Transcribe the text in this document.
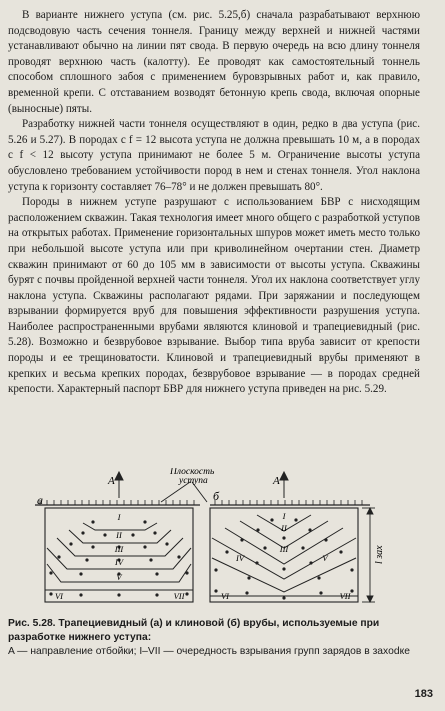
В варианте нижнего уступа (см. рис. 5.25,б) сначала разрабатывают верхнюю подсводовую часть сечения тоннеля. Границу между верхней и нижней частями устанавливают обычно на линии пят свода. В первую очередь на всю длину тоннеля проводят верхнюю часть (калотту). Ее проводят как самостоятельный тоннель способом сплошного забоя с применением буровзрывных работ и, как правило, временной крепи. С отставанием возводят бетонную крепь свода, включая опорные (выносные) пяты.

Разработку нижней части тоннеля осуществляют в один, редко в два уступа (рис. 5.26 и 5.27). В породах с f = 12 высота уступа не должна превышать 10 м, а в породах с f < 12 высоту уступа принимают не более 5 м. Ограничение высоты уступа обусловлено требованием устойчивости пород в нем и стенах тоннеля. Угол наклона уступа к горизонту составляет 76–78° и не должен превышать 80°.

Породы в нижнем уступе разрушают с использованием БВР с нисходящим расположением скважин. Такая технология имеет много общего с разработкой уступов на открытых работах. Применение горизонтальных шпуров может иметь место только при небольшой высоте уступа или при криволинейном очертании стен. Диаметр скважин принимают от 60 до 105 мм в зависимости от высоты уступа. Скважины бурят с почвы пройденной верхней части тоннеля. Угол их наклона соответствует углу наклона уступа. Скважины располагают рядами. При заряжании и последующем взрывании формируется вруб для повышения эффективности разрушения уступа. Наиболее распространенными врубами являются клиновой и трапециевидный (рис. 5.28). Возможно и безврубовое взрывание. Выбор типа вруба зависит от крепости породы и ее трещиноватости. Клиновой и трапециевидный врубы применяют в крепких и весьма крепких породах, безврубовое взрывание — в породах средней крепости. Характерный паспорт БВР для нижнего уступа приведен на рис. 5.29.

а	б
A	A
Плоскость
уступа
l зах
I
II
III
IV
V
VI	VII
I
II
III
IV	V
VI	VII
Рис. 5.28. Трапециевидный (а) и клиновой (б) врубы, используемые при разработке нижнего уступа:
A — направление отбойки; I–VII — очередность взрывания групп зарядов в захodке
183
